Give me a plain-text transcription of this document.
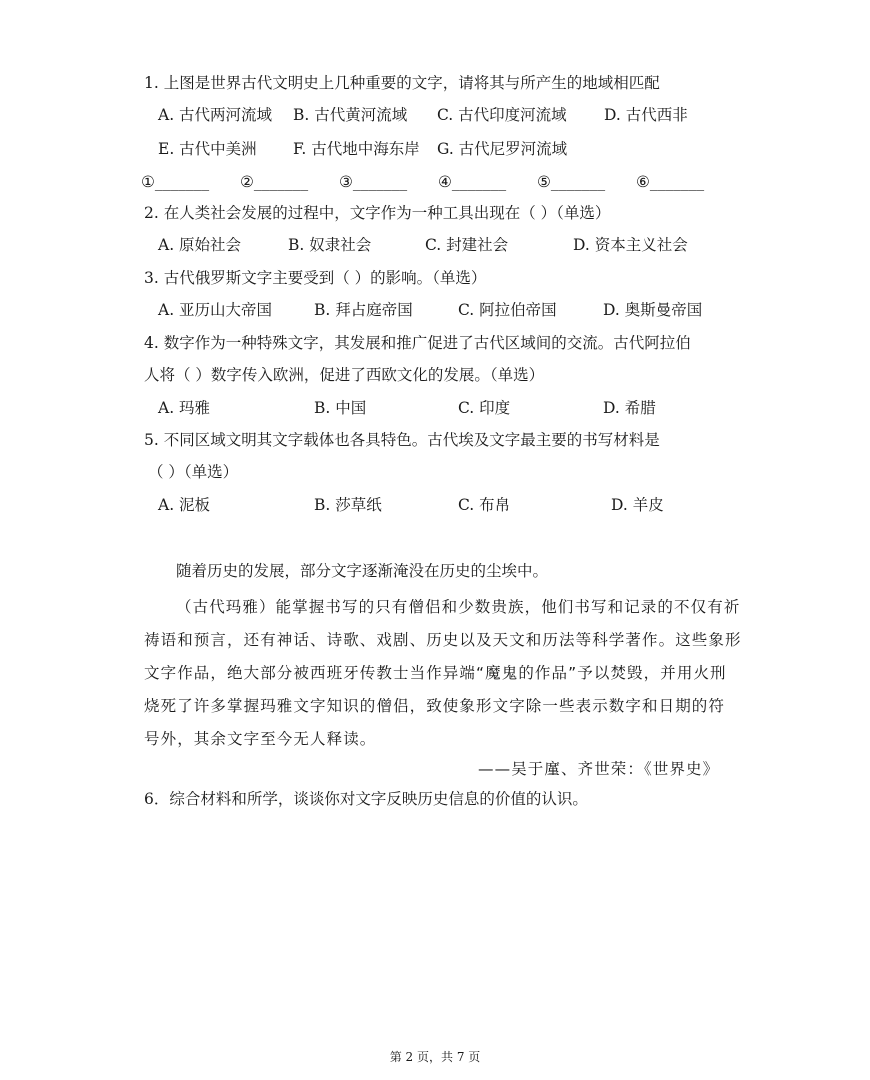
1. 上图是世界古代文明史上几种重要的文字，请将其与所产生的地域相匹配
A. 古代两河流域 B. 古代黄河流域 C. 古代印度河流域 D. 古代西非
E. 古代中美洲 F. 古代地中海东岸 G. 古代尼罗河流域
①_______ ②_______ ③_______ ④_______ ⑤_______ ⑥_______
2. 在人类社会发展的过程中，文字作为一种工具出现在（ ）（单选）
A. 原始社会	B. 奴隶社会	C. 封建社会	D. 资本主义社会
3. 古代俄罗斯文字主要受到（ ）的影响。（单选）
A. 亚历山大帝国	B. 拜占庭帝国	C. 阿拉伯帝国	D. 奥斯曼帝国
4. 数字作为一种特殊文字，其发展和推广促进了古代区域间的交流。古代阿拉伯
人将（ ）数字传入欧洲，促进了西欧文化的发展。（单选）
A. 玛雅	B. 中国	C. 印度	D. 希腊
5. 不同区域文明其文字载体也各具特色。古代埃及文字最主要的书写材料是
（ ）（单选）
A. 泥板	B. 莎草纸	C. 布帛	D. 羊皮
随着历史的发展，部分文字逐渐淹没在历史的尘埃中。
（古代玛雅）能掌握书写的只有僧侣和少数贵族，他们书写和记录的不仅有祈
祷语和预言，还有神话、诗歌、戏剧、历史以及天文和历法等科学著作。这些象形
文字作品，绝大部分被西班牙传教士当作异端“魔鬼的作品”予以焚毁，并用火刑
烧死了许多掌握玛雅文字知识的僧侣，致使象形文字除一些表示数字和日期的符
号外，其余文字至今无人释读。
——吴于廑、齐世荣：《世界史》
6．综合材料和所学，谈谈你对文字反映历史信息的价值的认识。
第 2 页，共 7 页
